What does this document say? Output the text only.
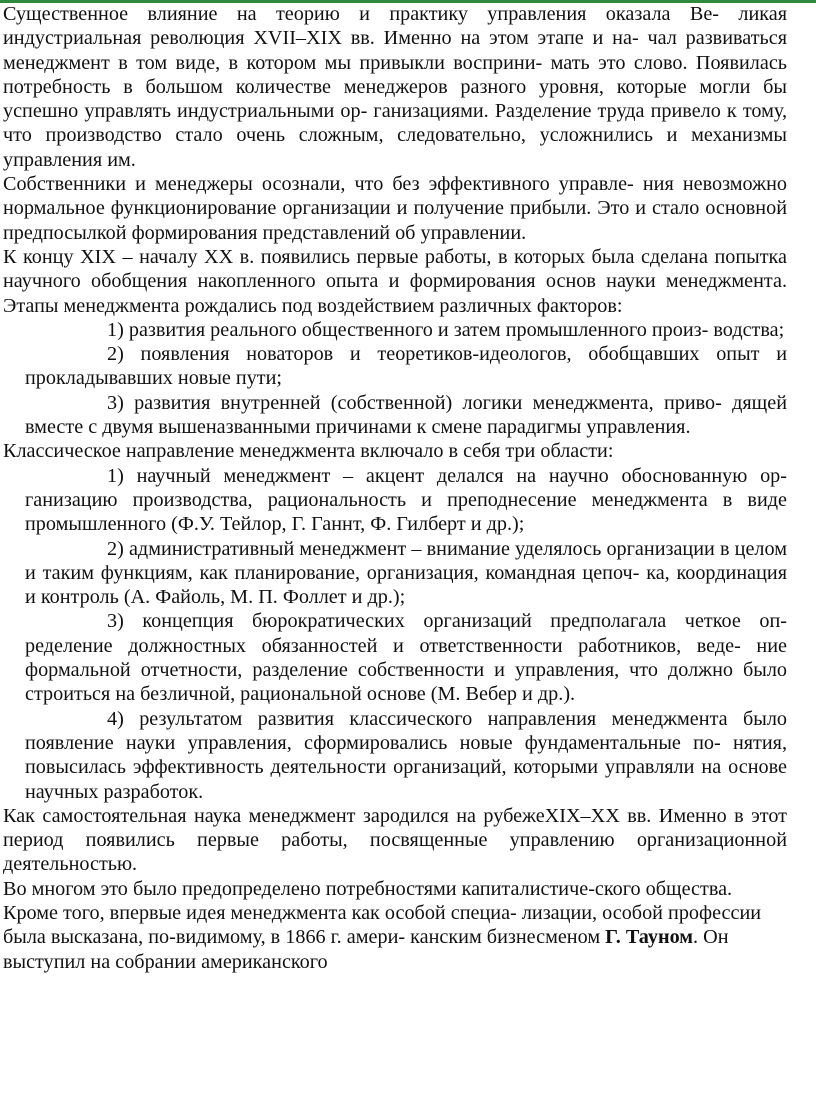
Существенное влияние на теорию и практику управления оказала Ве- ликая индустриальная революция XVII–XIX вв. Именно на этом этапе и на- чал развиваться менеджмент в том виде, в котором мы привыкли восприни- мать это слово. Появилась потребность в большом количестве менеджеров разного уровня, которые могли бы успешно управлять индустриальными ор- ганизациями. Разделение труда привело к тому, что производство стало очень сложным, следовательно, усложнились и механизмы управления им.

Собственники и менеджеры осознали, что без эффективного управле- ния невозможно нормальное функционирование организации и получение прибыли. Это и стало основной предпосылкой формирования представлений об управлении.

К концу XIX – началу XX в. появились первые работы, в которых была сделана попытка научного обобщения накопленного опыта и формирования основ науки менеджмента. Этапы менеджмента рождались под воздействием различных факторов:

1) развития реального общественного и затем промышленного произ- водства;

2) появления новаторов и теоретиков-идеологов, обобщавших опыт и прокладывавших новые пути;

3) развития внутренней (собственной) логики менеджмента, приво- дящей вместе с двумя вышеназванными причинами к смене парадигмы управления.

Классическое направление менеджмента включало в себя три области:

1) научный менеджмент – акцент делался на научно обоснованную ор- ганизацию производства, рациональность и преподнесение менеджмента в виде промышленного (Ф.У. Тейлор, Г. Ганнт, Ф. Гилберт и др.);

2) административный менеджмент – внимание уделялось организации в целом и таким функциям, как планирование, организация, командная цепоч- ка, координация и контроль (А. Файоль, М. П. Фоллет и др.);

3) концепция бюрократических организаций предполагала четкое оп- ределение должностных обязанностей и ответственности работников, веде- ние формальной отчетности, разделение собственности и управления, что должно было строиться на безличной, рациональной основе (М. Вебер и др.).

4) результатом развития классического направления менеджмента было появление науки управления, сформировались новые фундаментальные по- нятия, повысилась эффективность деятельности организаций, которыми управляли на основе научных разработок.

Как самостоятельная наука менеджмент зародился на рубежеXIX–XX вв. Именно в этот период появились первые работы, посвященные управлению организационной деятельностью.

Во многом это было предопределено потребностями капиталистиче-ского общества. Кроме того, впервые идея менеджмента как особой специа- лизации, особой профессии была высказана, по-видимому, в 1866 г. амери- канским бизнесменом Г. Тауном. Он выступил на собрании американского
